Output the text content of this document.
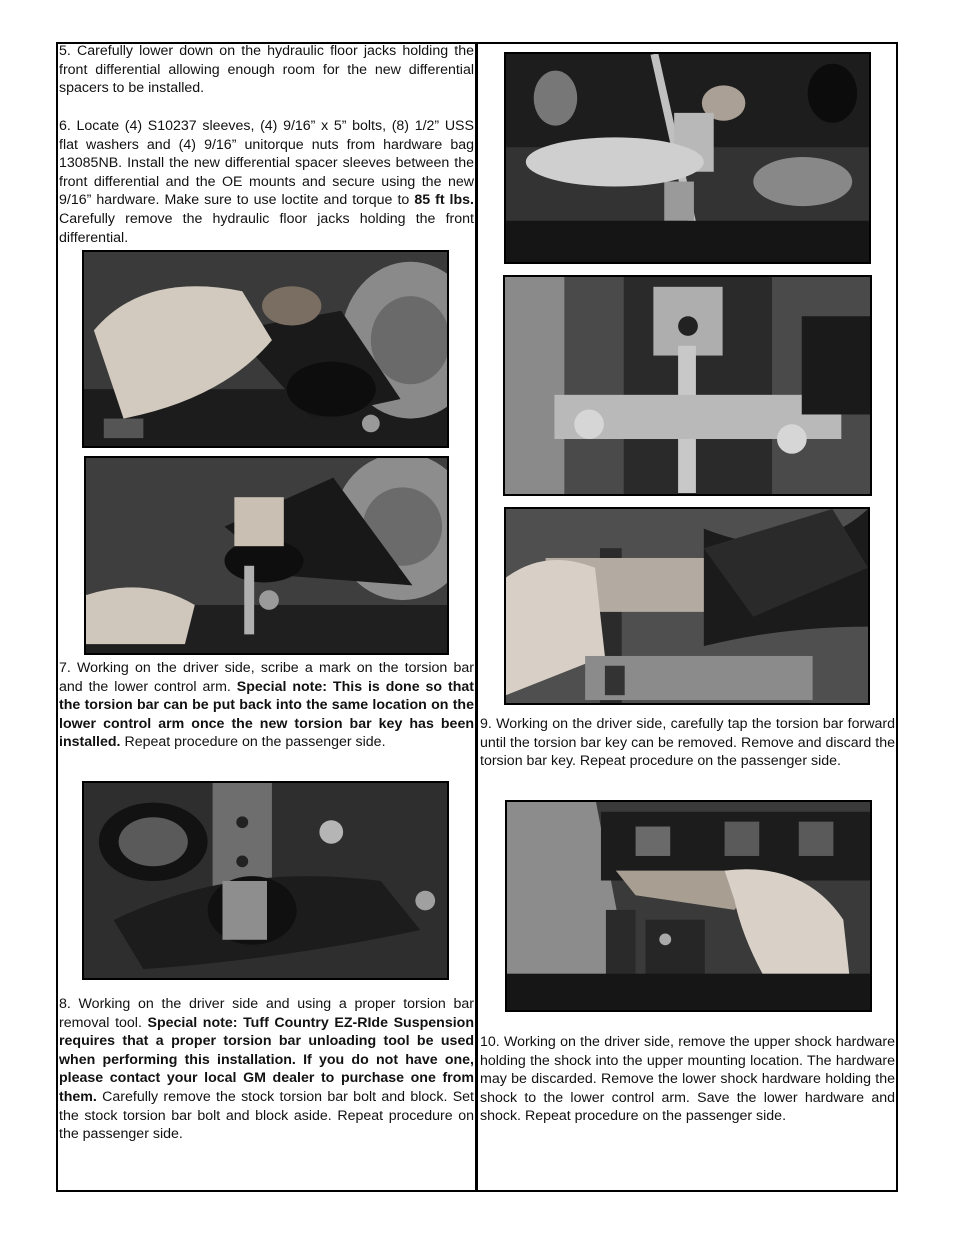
5. Carefully lower down on the hydraulic floor jacks holding the front differential allowing enough room for the new differential spacers to be installed.

6. Locate (4) S10237 sleeves, (4) 9/16” x 5” bolts, (8) 1/2” USS flat washers and (4) 9/16” unitorque nuts from hardware bag 13085NB. Install the new differential spacer sleeves between the front differential and the OE mounts and secure using the new 9/16” hardware. Make sure to use loctite and torque to 85 ft lbs. Carefully remove the hydraulic floor jacks holding the front differential.

7. Working on the driver side, scribe a mark on the torsion bar and the lower control arm. Special note: This is done so that the torsion bar can be put back into the same location on the lower control arm once the new torsion bar key has been installed. Repeat procedure on the passenger side.

8. Working on the driver side and using a proper torsion bar removal tool. Special note: Tuff Country EZ-RIde Suspension requires that a proper torsion bar unloading tool be used when performing this installation. If you do not have one, please contact your local GM dealer to purchase one from them. Carefully remove the stock torsion bar bolt and block. Set the stock torsion bar bolt and block aside. Repeat procedure on the passenger side.

9. Working on the driver side, carefully tap the torsion bar forward until the torsion bar key can be removed. Remove and discard the torsion bar key. Repeat procedure on the passenger side.

10. Working on the driver side, remove the upper shock hardware holding the shock into the upper mounting location. The hardware may be discarded. Remove the lower shock hardware holding the shock to the lower control arm. Save the lower hardware and shock. Repeat procedure on the passenger side.
